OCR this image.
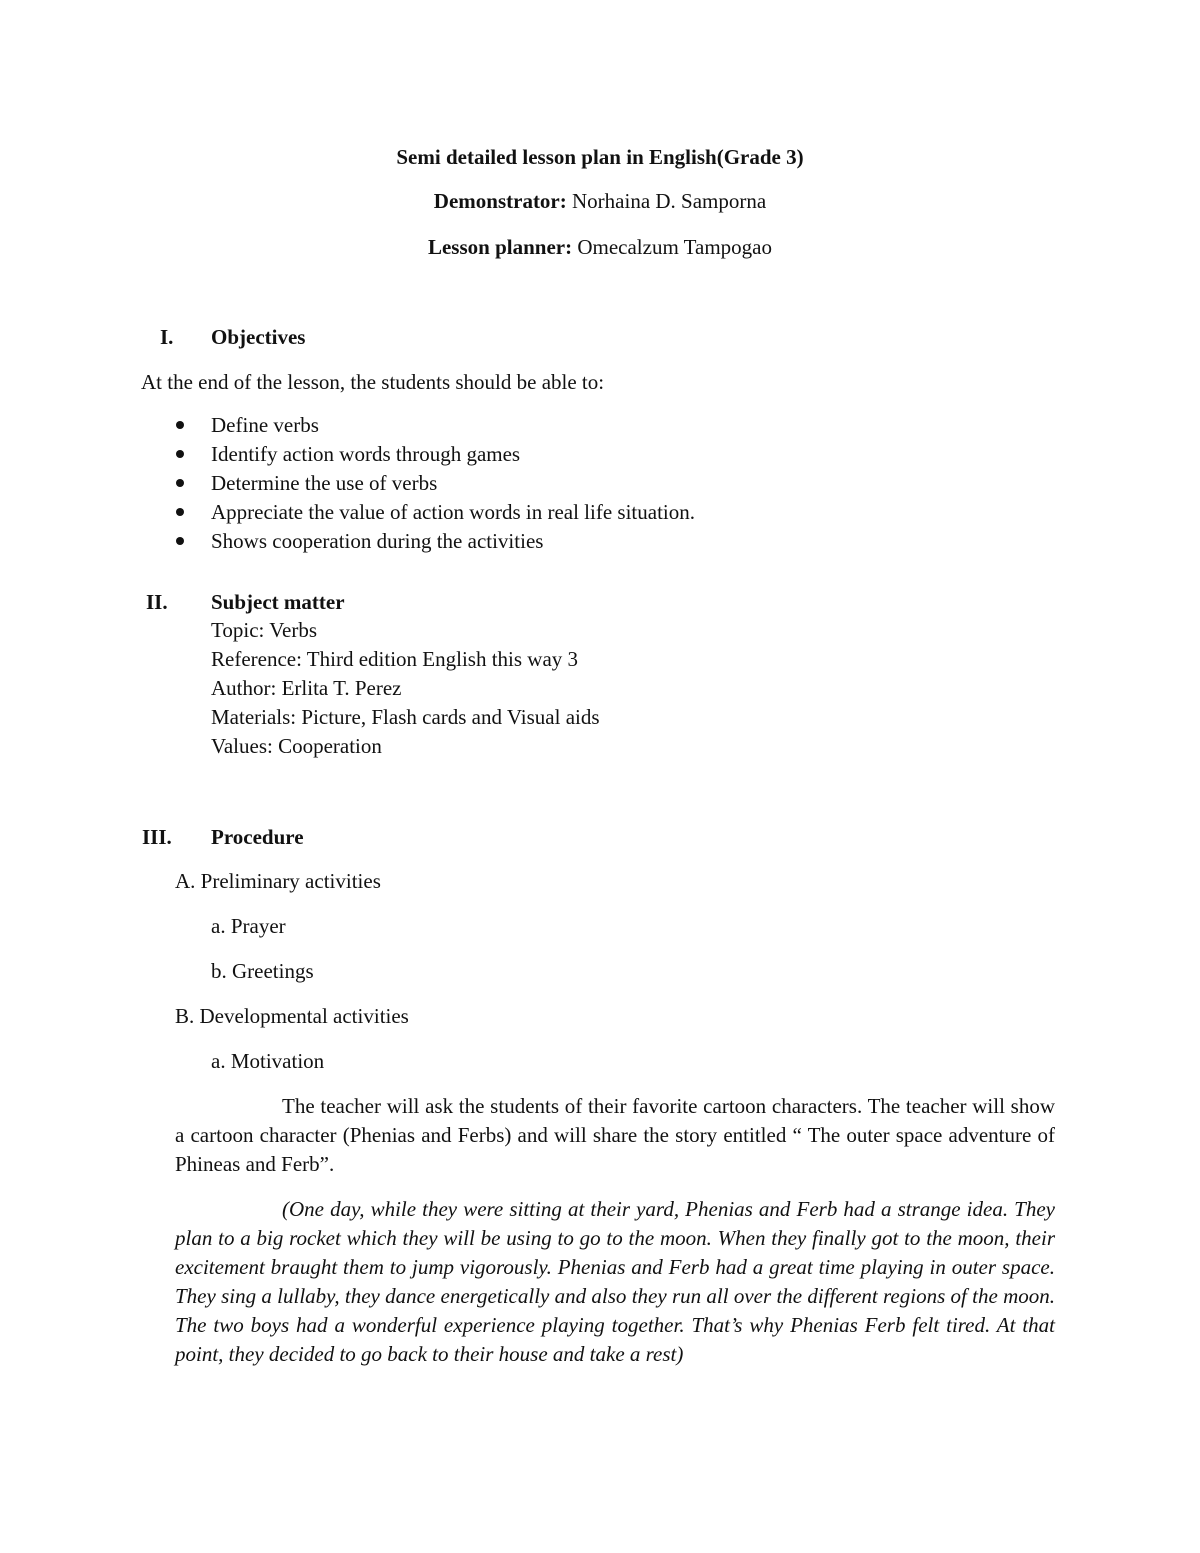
Semi detailed lesson plan in English(Grade 3)
Demonstrator: Norhaina D. Samporna
Lesson planner: Omecalzum Tampogao
I. Objectives
At the end of the lesson, the students should be able to:
Define verbs
Identify action words through games
Determine the use of verbs
Appreciate the value of action words in real life situation.
Shows cooperation during the activities
II. Subject matter
Topic: Verbs
Reference: Third edition English this way 3
Author: Erlita T. Perez
Materials: Picture, Flash cards and Visual aids
Values: Cooperation
III. Procedure
A. Preliminary activities
a. Prayer
b. Greetings
B. Developmental activities
a. Motivation
The teacher will ask the students of their favorite cartoon characters. The teacher will show a cartoon character (Phenias and Ferbs) and will share the story entitled “ The outer space adventure of Phineas and Ferb”.
(One day, while they were sitting at their yard, Phenias and Ferb had a strange idea. They plan to a big rocket which they will be using to go to the moon. When they finally got to the moon, their excitement braught them to jump vigorously. Phenias and Ferb had a great time playing in outer space. They sing a lullaby, they dance energetically and also they run all over the different regions of the moon. The two boys had a wonderful experience playing together. That’s why Phenias Ferb felt tired. At that point, they decided to go back to their house and take a rest)
